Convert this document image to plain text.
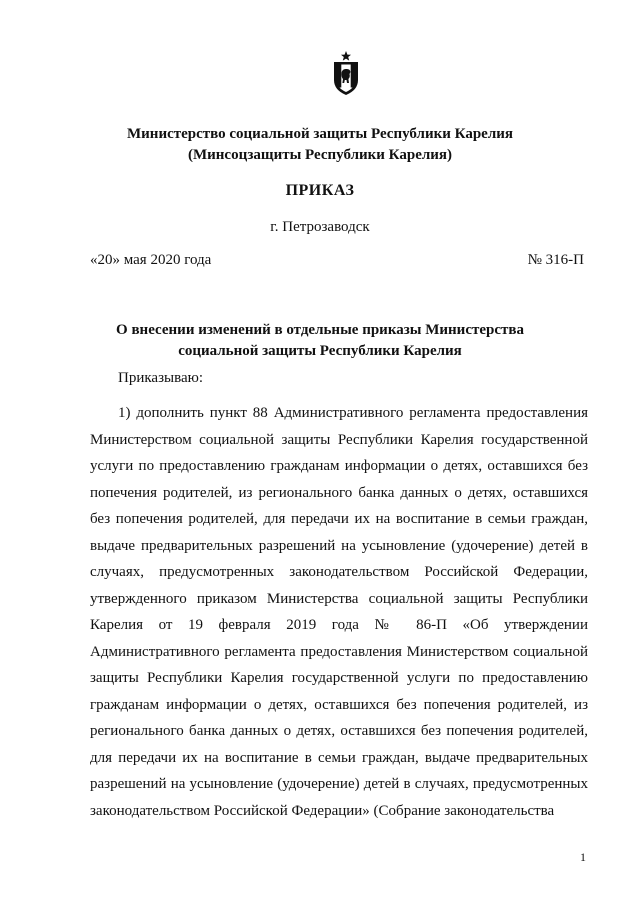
Министерство социальной защиты Республики Карелия
(Минсоцзащиты Республики Карелия)
ПРИКАЗ
г. Петрозаводск
«20» мая 2020 года	№ 316-П
О внесении изменений в отдельные приказы Министерства
социальной защиты Республики Карелия
Приказываю:

1) дополнить пункт 88 Административного регламента предоставления Министерством социальной защиты Республики Карелия государственной услуги по предоставлению гражданам информации о детях, оставшихся без попечения родителей, из регионального банка данных о детях, оставшихся без попечения родителей, для передачи их на воспитание в семьи граждан, выдаче предварительных разрешений на усыновление (удочерение) детей в случаях, предусмотренных законодательством Российской Федерации, утвержденного приказом Министерства социальной защиты Республики Карелия от 19 февраля 2019 года № 86-П «Об утверждении Административного регламента предоставления Министерством социальной защиты Республики Карелия государственной услуги по предоставлению гражданам информации о детях, оставшихся без попечения родителей, из регионального банка данных о детях, оставшихся без попечения родителей, для передачи их на воспитание в семьи граждан, выдаче предварительных разрешений на усыновление (удочерение) детей в случаях, предусмотренных законодательством Российской Федерации» (Собрание законодательства

1
